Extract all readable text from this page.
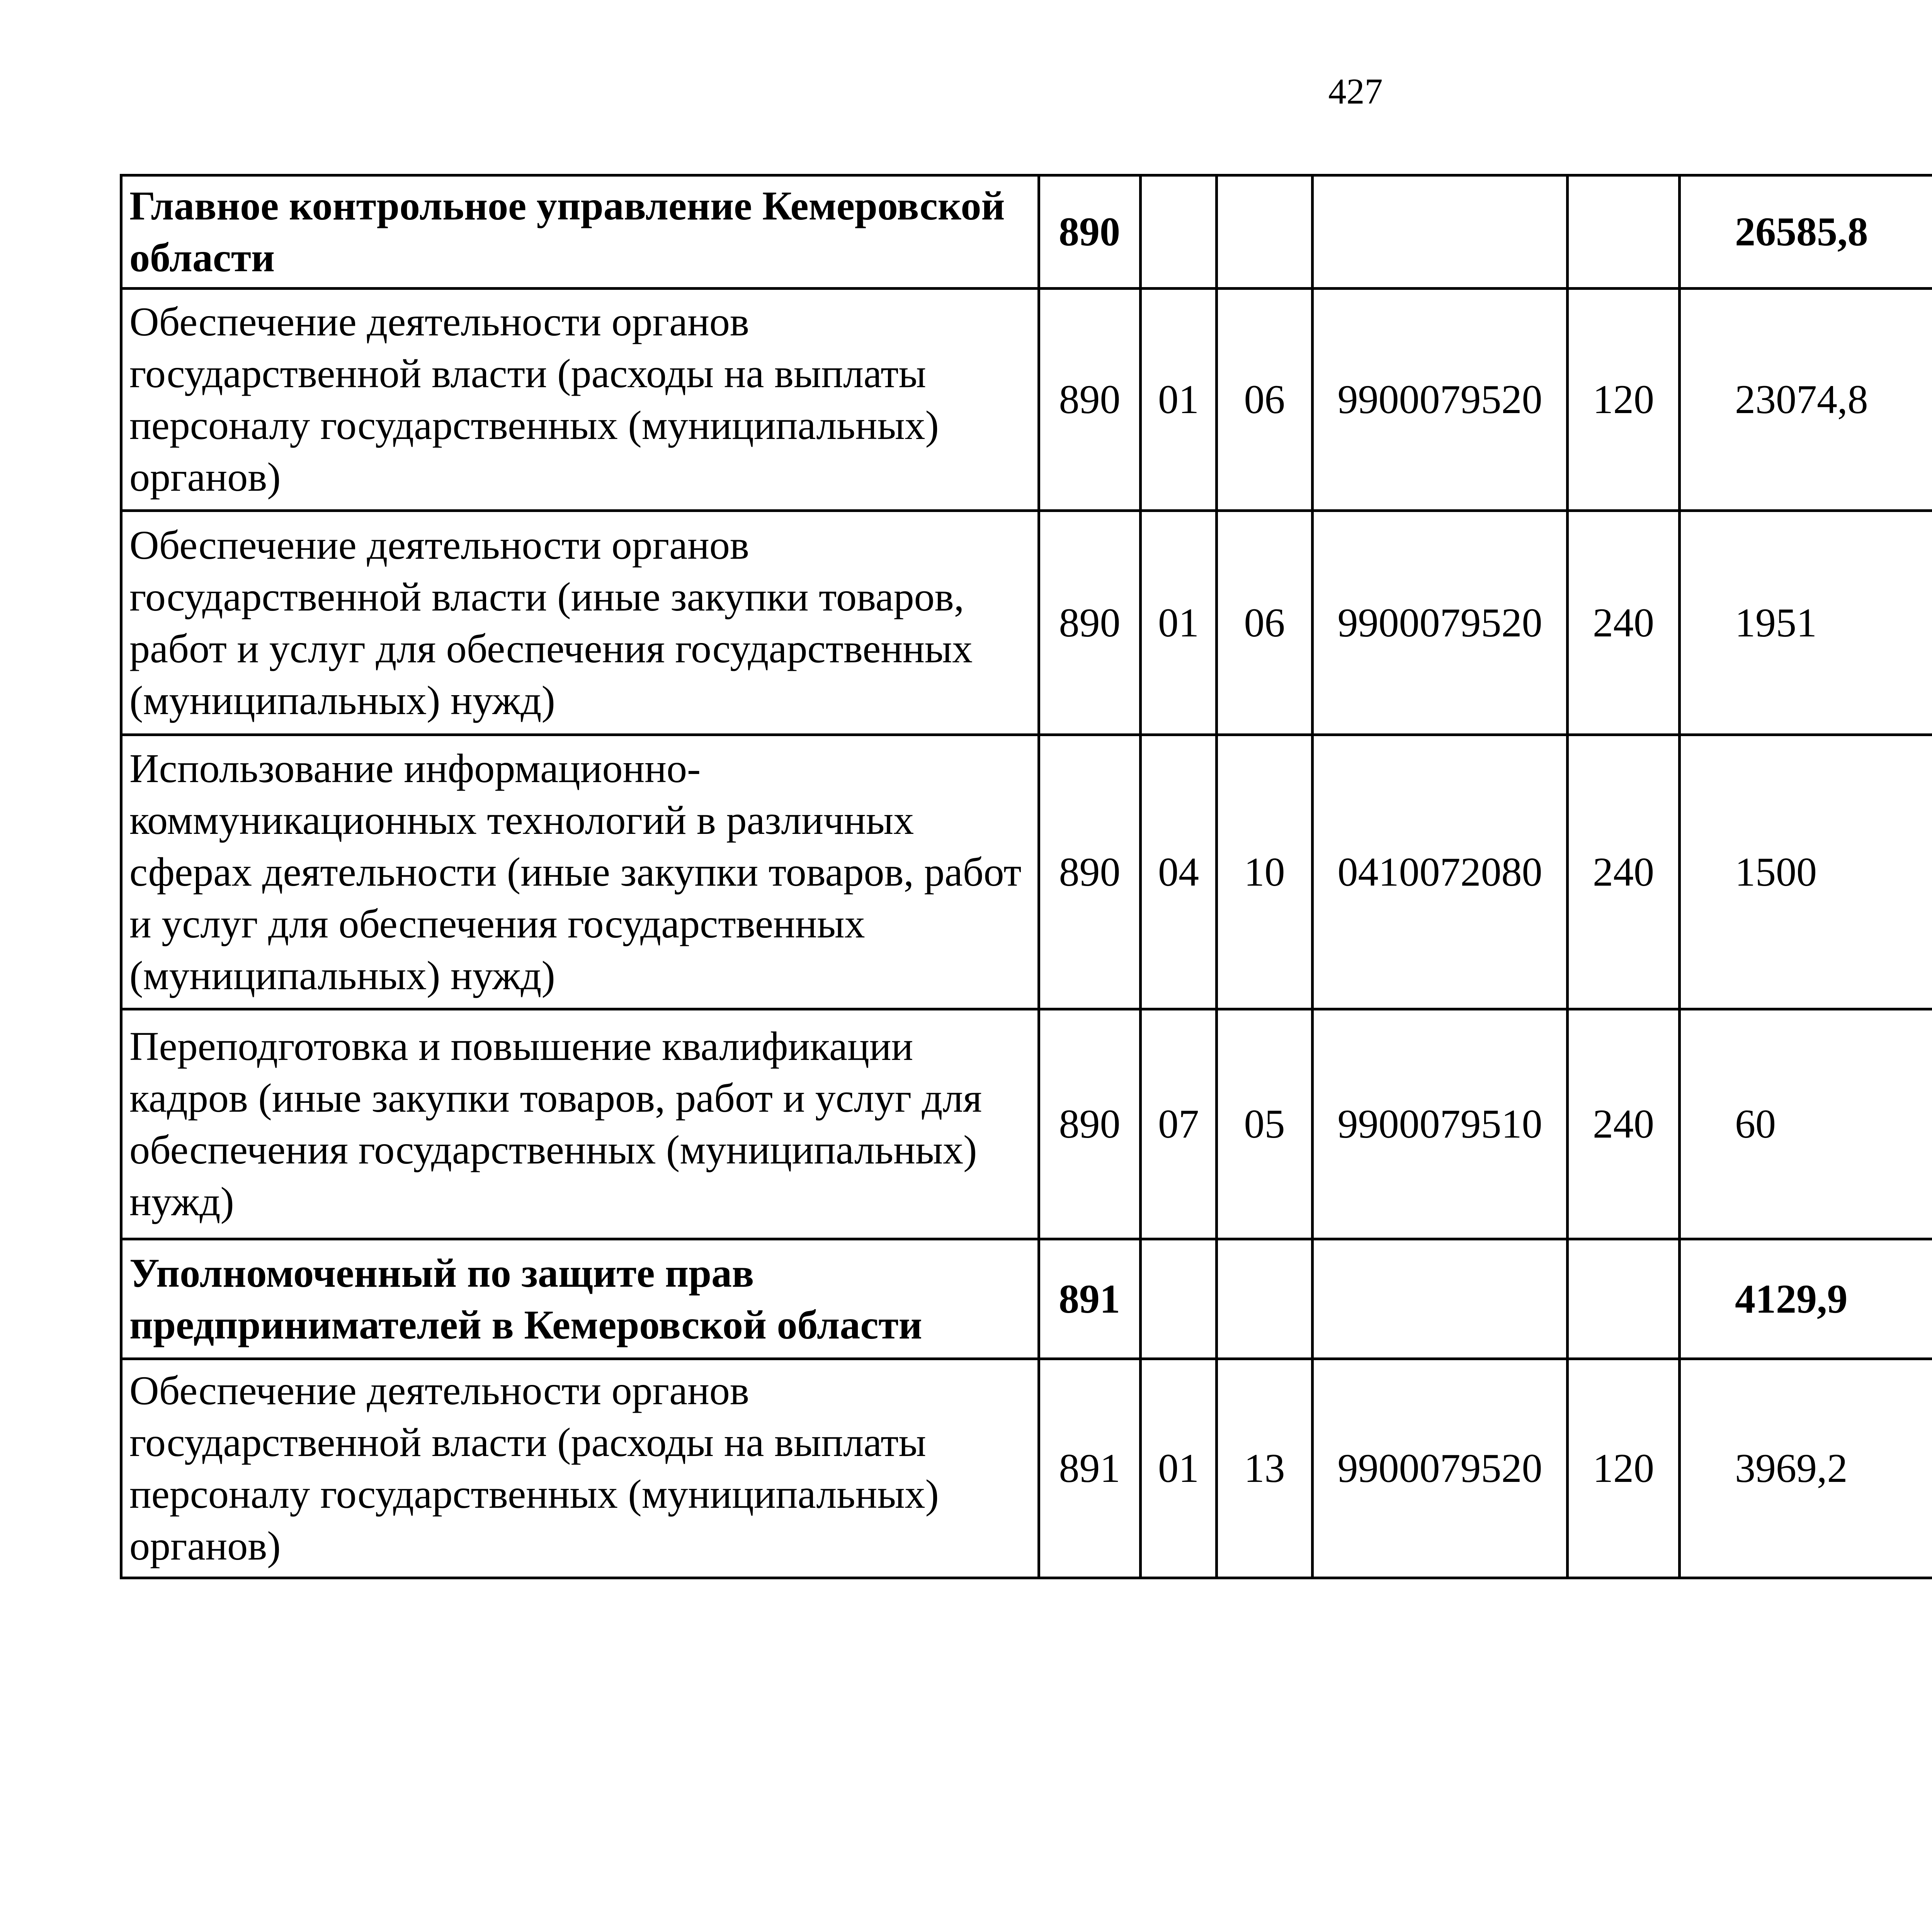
427
Главное контрольное управление Кемеровской области	890					26585,8		
Обеспечение деятельности органов государственной власти (расходы на выплаты персоналу государственных (муниципальных) органов)	890	01	06	9900079520	120	23074,8		
Обеспечение деятельности органов государственной власти (иные закупки товаров, работ и услуг для обеспечения государственных (муниципальных) нужд)	890	01	06	9900079520	240	1951		
Использование информационно-коммуникационных технологий в различных сферах деятельности (иные закупки товаров, работ и услуг для обеспечения государственных (муниципальных) нужд)	890	04	10	0410072080	240	1500		
Переподготовка и повышение квалификации кадров (иные закупки товаров, работ и услуг для обеспечения государственных (муниципальных) нужд)	890	07	05	9900079510	240	60		
Уполномоченный по защите прав предпринимателей в Кемеровской области	891					4129,9		
Обеспечение деятельности органов государственной власти (расходы на выплаты персоналу государственных (муниципальных) органов)	891	01	13	9900079520	120	3969,2		
